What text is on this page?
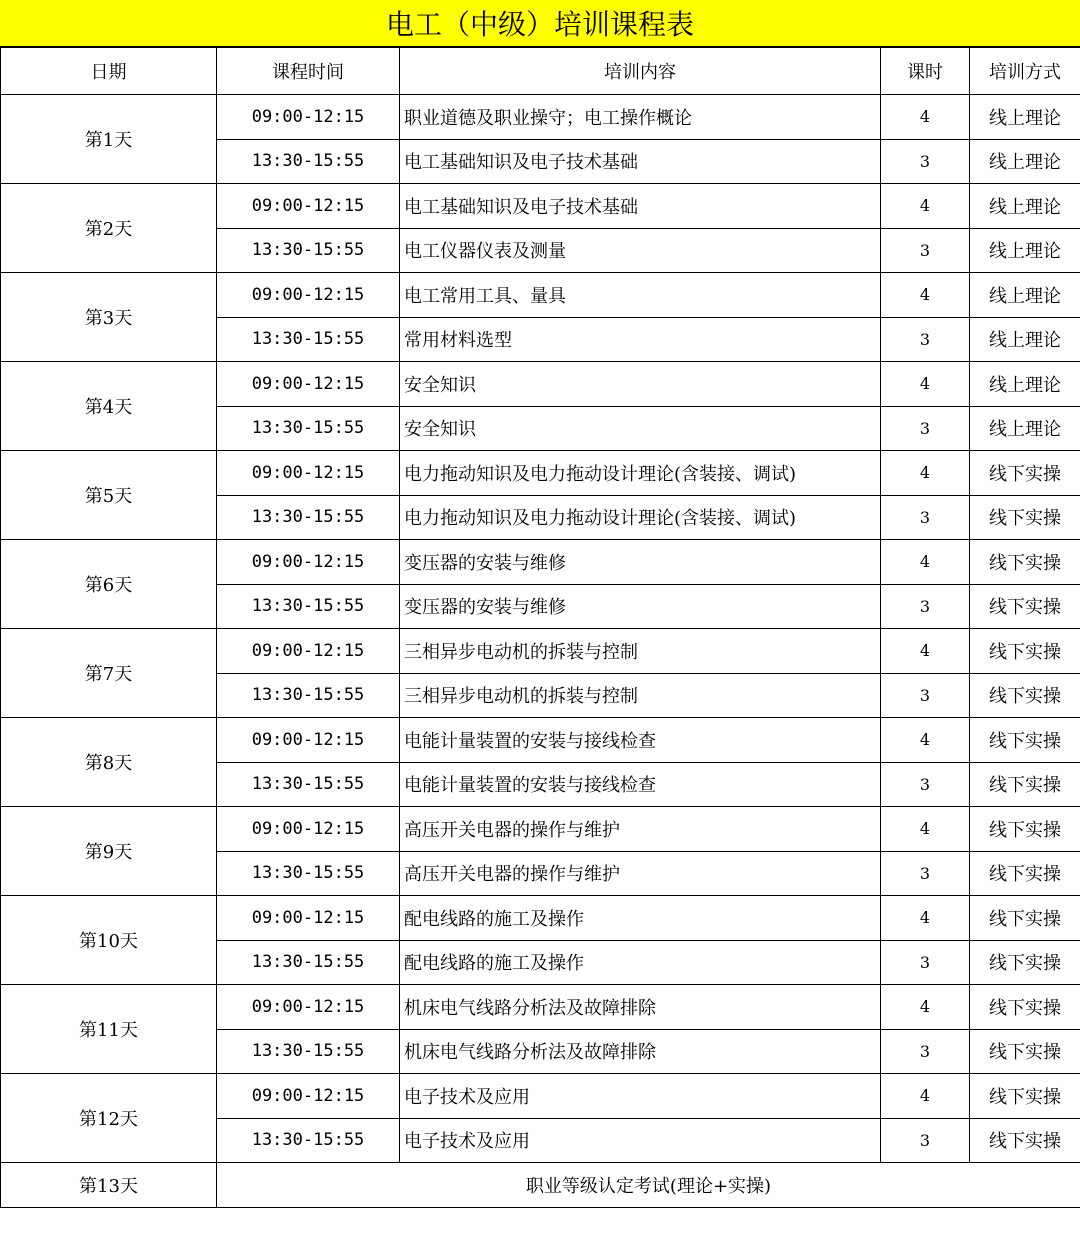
电工（中级）培训课程表
日期	课程时间	培训内容	课时	培训方式
第1天	09:00-12:15	职业道德及职业操守；电工操作概论	4	线上理论
	13:30-15:55	电工基础知识及电子技术基础	3	线上理论
第2天	09:00-12:15	电工基础知识及电子技术基础	4	线上理论
	13:30-15:55	电工仪器仪表及测量	3	线上理论
第3天	09:00-12:15	电工常用工具、量具	4	线上理论
	13:30-15:55	常用材料选型	3	线上理论
第4天	09:00-12:15	安全知识	4	线上理论
	13:30-15:55	安全知识	3	线上理论
第5天	09:00-12:15	电力拖动知识及电力拖动设计理论(含装接、调试)	4	线下实操
	13:30-15:55	电力拖动知识及电力拖动设计理论(含装接、调试)	3	线下实操
第6天	09:00-12:15	变压器的安装与维修	4	线下实操
	13:30-15:55	变压器的安装与维修	3	线下实操
第7天	09:00-12:15	三相异步电动机的拆装与控制	4	线下实操
	13:30-15:55	三相异步电动机的拆装与控制	3	线下实操
第8天	09:00-12:15	电能计量装置的安装与接线检查	4	线下实操
	13:30-15:55	电能计量装置的安装与接线检查	3	线下实操
第9天	09:00-12:15	高压开关电器的操作与维护	4	线下实操
	13:30-15:55	高压开关电器的操作与维护	3	线下实操
第10天	09:00-12:15	配电线路的施工及操作	4	线下实操
	13:30-15:55	配电线路的施工及操作	3	线下实操
第11天	09:00-12:15	机床电气线路分析法及故障排除	4	线下实操
	13:30-15:55	机床电气线路分析法及故障排除	3	线下实操
第12天	09:00-12:15	电子技术及应用	4	线下实操
	13:30-15:55	电子技术及应用	3	线下实操
第13天	职业等级认定考试(理论+实操)			
